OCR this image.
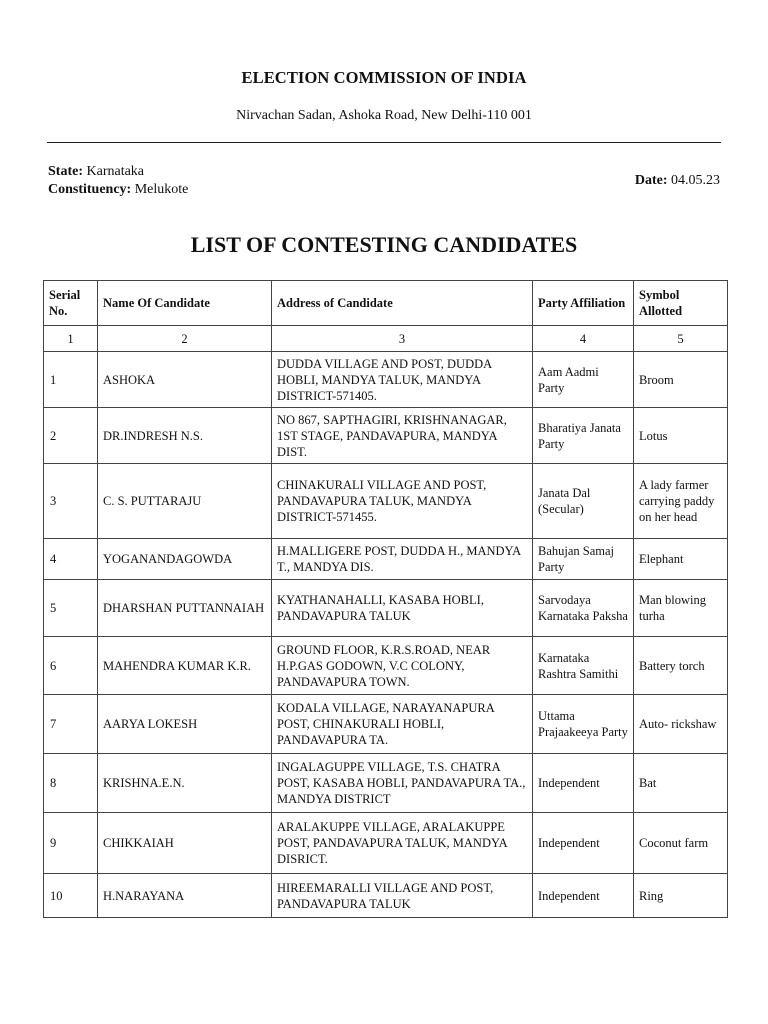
ELECTION COMMISSION OF INDIA
Nirvachan Sadan, Ashoka Road, New Delhi-110 001
State: Karnataka
Constituency: Melukote
Date: 04.05.23
LIST OF CONTESTING CANDIDATES
Serial No.	Name Of Candidate	Address of Candidate	Party Affiliation	Symbol Allotted
1	2	3	4	5
1	ASHOKA	DUDDA VILLAGE AND POST, DUDDA HOBLI, MANDYA TALUK, MANDYA DISTRICT-571405.	Aam Aadmi Party	Broom
2	DR.INDRESH N.S.	NO 867, SAPTHAGIRI, KRISHNANAGAR, 1ST STAGE, PANDAVAPURA, MANDYA DIST.	Bharatiya Janata Party	Lotus
3	C. S. PUTTARAJU	CHINAKURALI VILLAGE AND POST, PANDAVAPURA TALUK, MANDYA DISTRICT-571455.	Janata Dal (Secular)	A lady farmer carrying paddy on her head
4	YOGANANDAGOWDA	H.MALLIGERE POST, DUDDA H., MANDYA T., MANDYA DIS.	Bahujan Samaj Party	Elephant
5	DHARSHAN PUTTANNAIAH	KYATHANAHALLI, KASABA HOBLI, PANDAVAPURA TALUK	Sarvodaya Karnataka Paksha	Man blowing turha
6	MAHENDRA KUMAR K.R.	GROUND FLOOR, K.R.S.ROAD, NEAR H.P.GAS GODOWN, V.C COLONY, PANDAVAPURA TOWN.	Karnataka Rashtra Samithi	Battery torch
7	AARYA LOKESH	KODALA VILLAGE, NARAYANAPURA POST, CHINAKURALI HOBLI, PANDAVAPURA TA.	Uttama Prajaakeeya Party	Auto- rickshaw
8	KRISHNA.E.N.	INGALAGUPPE VILLAGE, T.S. CHATRA POST, KASABA HOBLI, PANDAVAPURA TA., MANDYA DISTRICT	Independent	Bat
9	CHIKKAIAH	ARALAKUPPE VILLAGE, ARALAKUPPE POST, PANDAVAPURA TALUK, MANDYA DISRICT.	Independent	Coconut farm
10	H.NARAYANA	HIREEMARALLI VILLAGE AND POST, PANDAVAPURA TALUK	Independent	Ring
